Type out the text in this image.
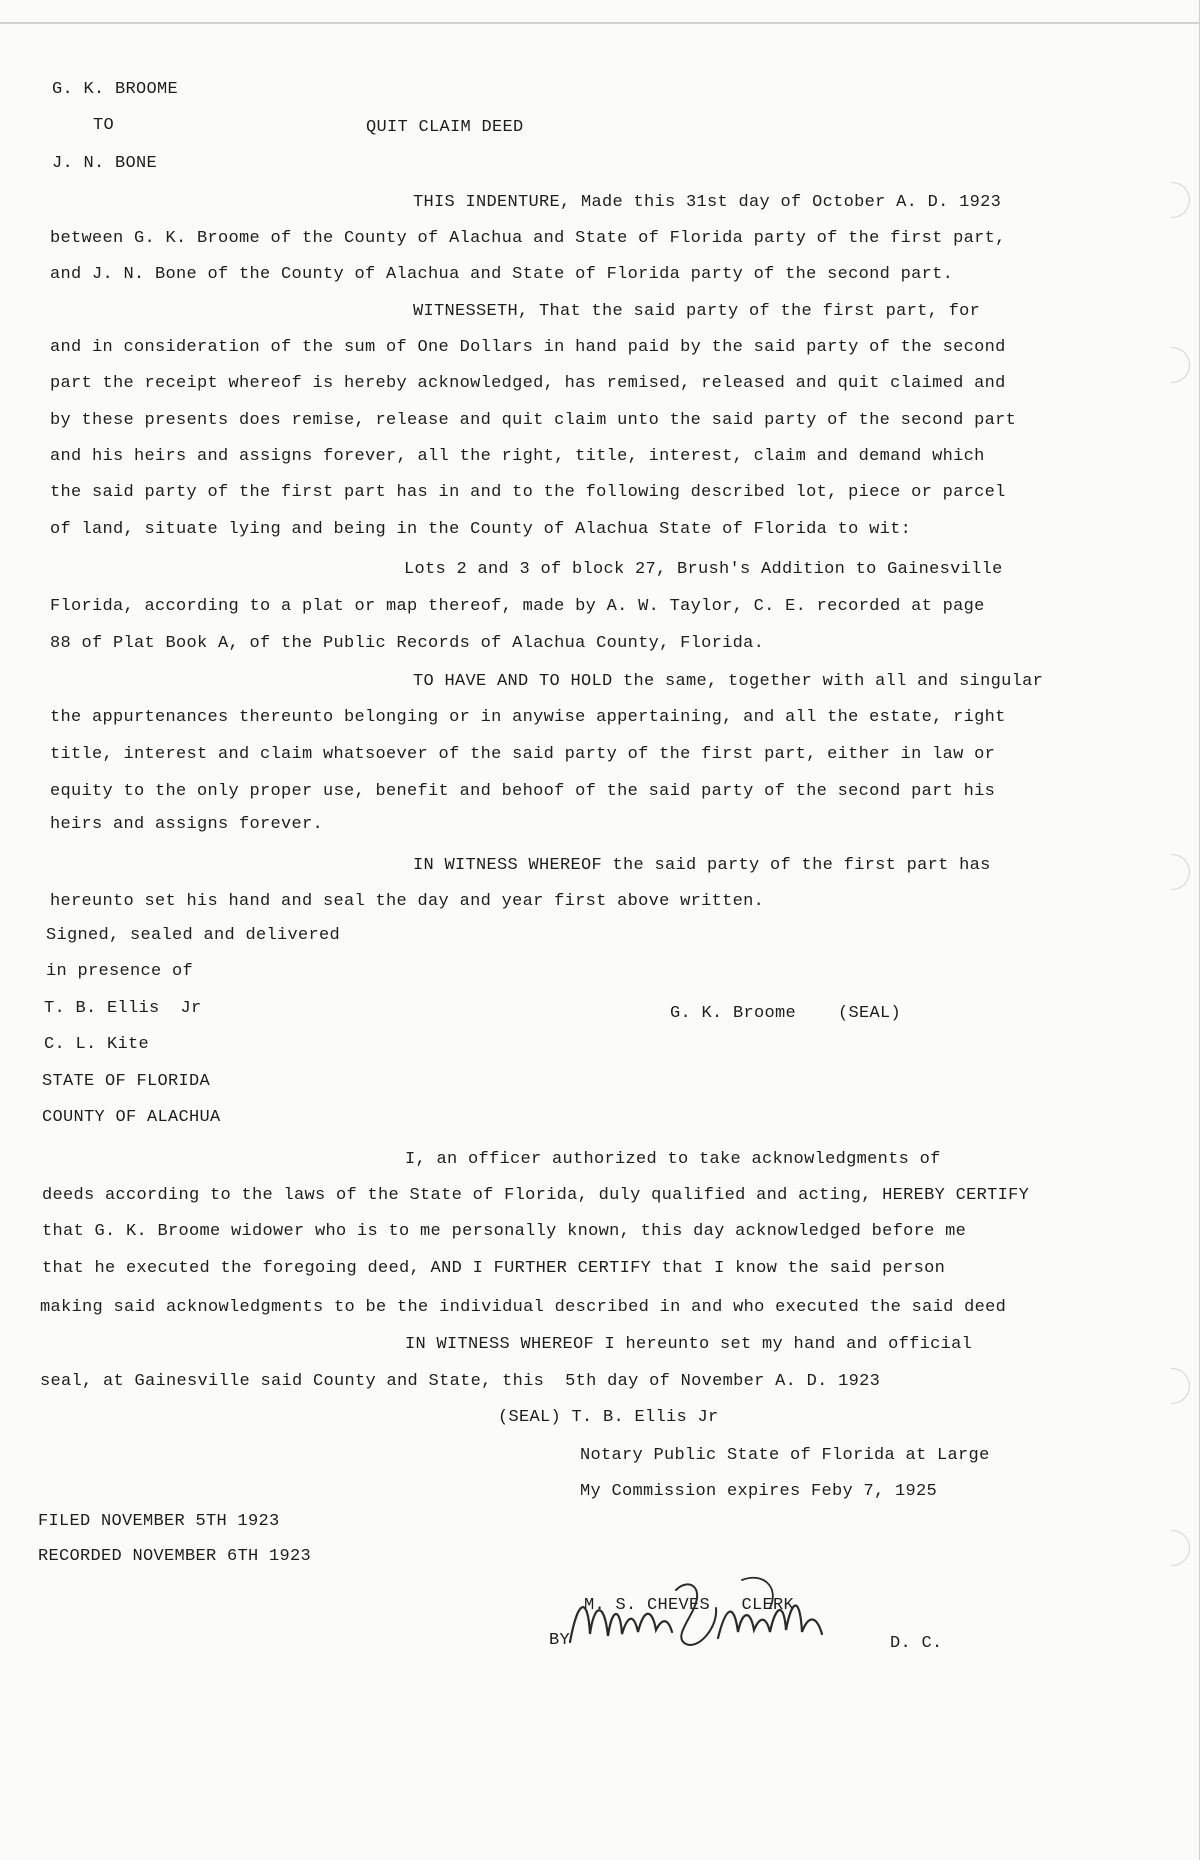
G. K. BROOME
TO	QUIT CLAIM DEED
J. N. BONE
THIS INDENTURE, Made this 31st day of October A. D. 1923
between G. K. Broome of the County of Alachua and State of Florida party of the first part,
and J. N. Bone of the County of Alachua and State of Florida party of the second part.
WITNESSETH, That the said party of the first part, for
and in consideration of the sum of One Dollars in hand paid by the said party of the second
part the receipt whereof is hereby acknowledged, has remised, released and quit claimed and
by these presents does remise, release and quit claim unto the said party of the second part
and his heirs and assigns forever, all the right, title, interest, claim and demand which
the said party of the first part has in and to the following described lot, piece or parcel
of land, situate lying and being in the County of Alachua State of Florida to wit:
Lots 2 and 3 of block 27, Brush's Addition to Gainesville
Florida, according to a plat or map thereof, made by A. W. Taylor, C. E. recorded at page
88 of Plat Book A, of the Public Records of Alachua County, Florida.
TO HAVE AND TO HOLD the same, together with all and singular
the appurtenances thereunto belonging or in anywise appertaining, and all the estate, right
title, interest and claim whatsoever of the said party of the first part, either in law or
equity to the only proper use, benefit and behoof of the said party of the second part his
heirs and assigns forever.
IN WITNESS WHEREOF the said party of the first part has
hereunto set his hand and seal the day and year first above written.
Signed, sealed and delivered
in presence of
T. B. Ellis  Jr	G. K. Broome    (SEAL)
C. L. Kite
STATE OF FLORIDA
COUNTY OF ALACHUA
I, an officer authorized to take acknowledgments of
deeds according to the laws of the State of Florida, duly qualified and acting, HEREBY CERTIFY
that G. K. Broome widower who is to me personally known, this day acknowledged before me
that he executed the foregoing deed, AND I FURTHER CERTIFY that I know the said person
making said acknowledgments to be the individual described in and who executed the said deed
IN WITNESS WHEREOF I hereunto set my hand and official
seal, at Gainesville said County and State, this  5th day of November A. D. 1923
(SEAL) T. B. Ellis Jr
Notary Public State of Florida at Large
My Commission expires Feby 7, 1925
FILED NOVEMBER 5TH 1923
RECORDED NOVEMBER 6TH 1923
M. S. CHEVES   CLERK
BY	D. C.
